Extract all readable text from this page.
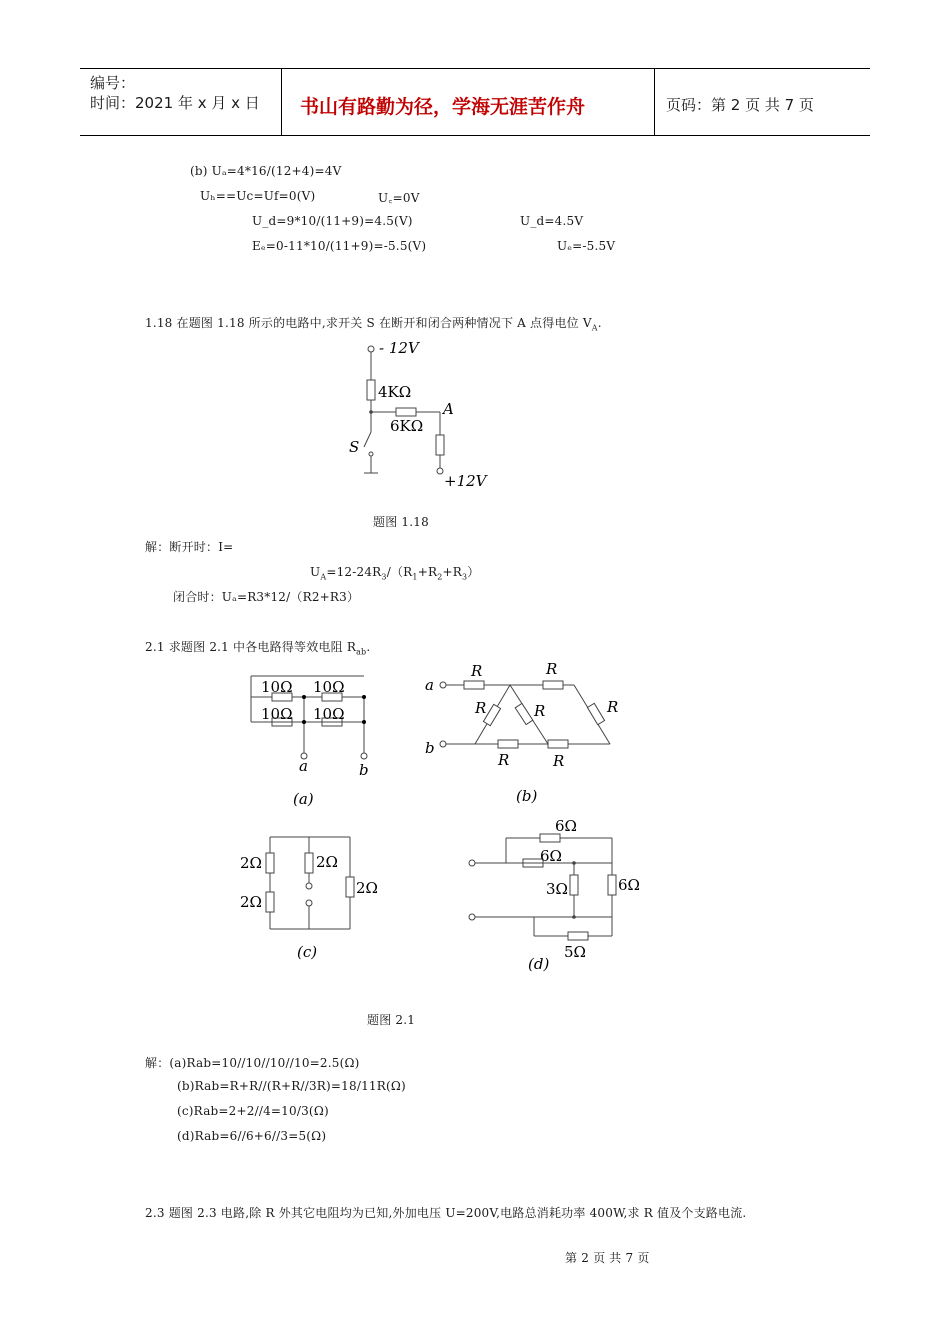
编号：
时间：2021 年 x 月 x 日 书山有路勤为径，学海无涯苦作舟	页码：第 2 页 共 7 页
(b) Uₐ=4*16/(12+4)=4V
Uₕ==Uc=Uf=0(V)	U꜀=0V
U_d=9*10/(11+9)=4.5(V)	U_d=4.5V
Eₑ=0-11*10/(11+9)=-5.5(V)	Uₑ=-5.5V
1.18 在题图 1.18 所示的电路中,求开关 S 在断开和闭合两种情况下 A 点得电位 $V_A$.
- 12V
4KΩ
6KΩ
A
S
+12V
题图 1.18
解：断开时：I=
$U_A=12-24R_3/(R_1+R_2+R_3)$
闭合时：Uₐ=R3*12/（R2+R3）
2.1 求题图 2.1 中各电路得等效电阻 $R_{ab}$.
10Ω 10Ω
10Ω 10Ω
a	b
(a)
a
b
R	R
R	R	R
R	R
(b)
2Ω	2Ω
2Ω
2Ω
(c)
6Ω
6Ω
3Ω	6Ω
5Ω
(d)
题图 2.1
解：(a)Rab=10//10//10//10=2.5(Ω)
(b)Rab=R+R//(R+R//3R)=18/11R(Ω)
(c)Rab=2+2//4=10/3(Ω)
(d)Rab=6//6+6//3=5(Ω)
2.3 题图 2.3 电路,除 R 外其它电阻均为已知,外加电压 U=200V,电路总消耗功率 400W,求 R 值及个支路电流.
第 2 页 共 7 页
